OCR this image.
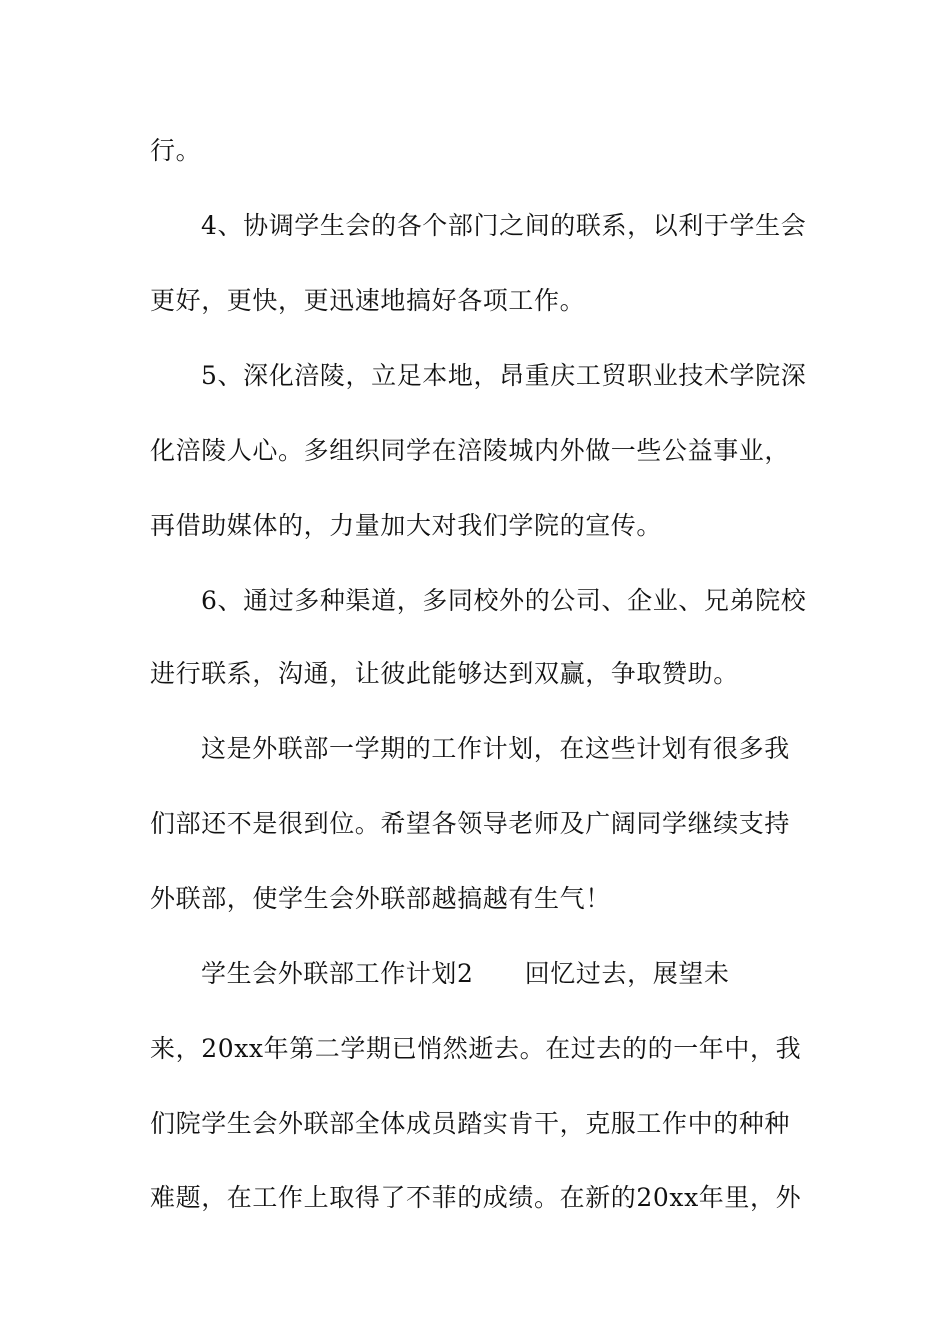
行。
4、协调学生会的各个部门之间的联系，以利于学生会
更好，更快，更迅速地搞好各项工作。
5、深化涪陵，立足本地，昂重庆工贸职业技术学院深
化涪陵人心。多组织同学在涪陵城内外做一些公益事业，
再借助媒体的，力量加大对我们学院的宣传。
6、通过多种渠道，多同校外的公司、企业、兄弟院校
进行联系，沟通，让彼此能够达到双赢，争取赞助。
这是外联部一学期的工作计划，在这些计划有很多我
们部还不是很到位。希望各领导老师及广阔同学继续支持
外联部，使学生会外联部越搞越有生气！
学生会外联部工作计划2　　回忆过去，展望未
来，20xx年第二学期已悄然逝去。在过去的的一年中，我
们院学生会外联部全体成员踏实肯干，克服工作中的种种
难题，在工作上取得了不菲的成绩。在新的20xx年里，外
